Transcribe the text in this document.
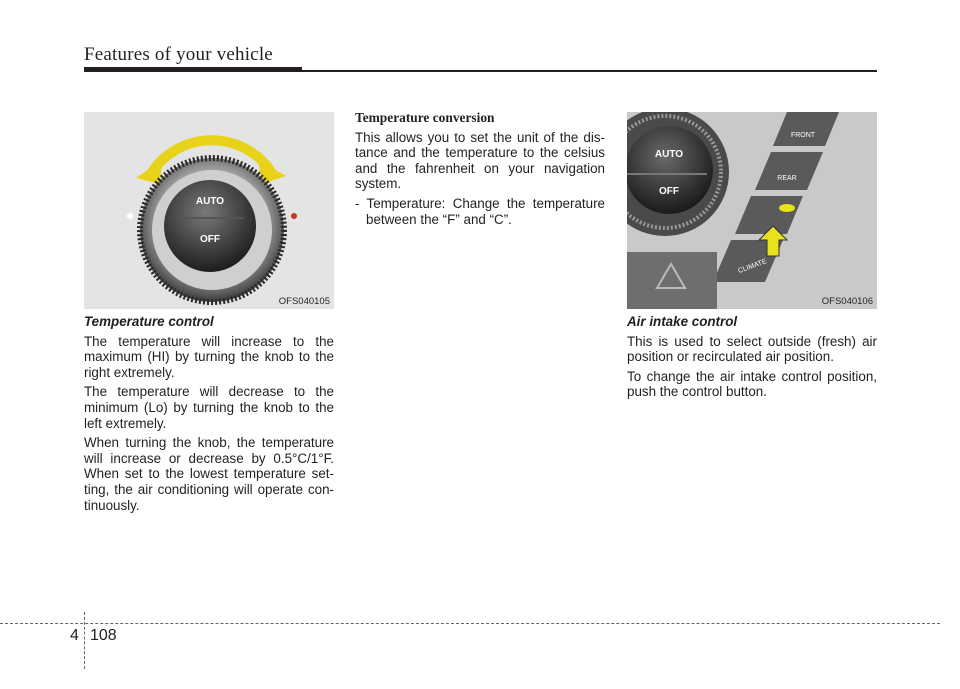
Features of your vehicle
AUTO
OFF
OFS040105
AUTO
OFF
FRONT
REAR
CLIMATE
OFS040106

Temperature control

The temperature will increase to the maximum (HI) by turning the knob to the right extremely.

The temperature will decrease to the minimum (Lo) by turning the knob to the left extremely.

When turning the knob, the temperature will increase or decrease by 0.5°C/1°F. When set to the lowest temperature set-ting, the air conditioning will operate con-tinuously.

Temperature conversion

This allows you to set the unit of the dis-tance and the temperature to the celsius and the fahrenheit on your navigation system.

- Temperature: Change the temperature between the “F” and “C”.

Air intake control

This is used to select outside (fresh) air position or recirculated air position.

To change the air intake control position, push the control button.

4 108
